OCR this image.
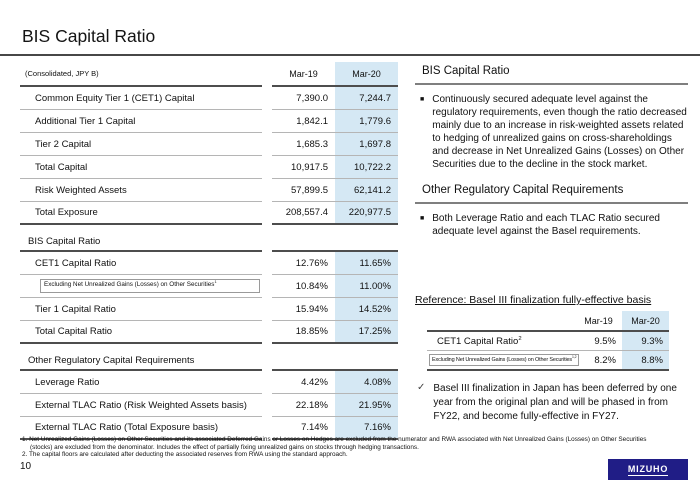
BIS Capital Ratio
(Consolidated, JPY B)	Mar-19	Mar-20
Common Equity Tier 1 (CET1) Capital	7,390.0	7,244.7
Additional Tier 1 Capital	1,842.1	1,779.6
Tier 2 Capital	1,685.3	1,697.8
Total Capital	10,917.5	10,722.2
Risk Weighted Assets	57,899.5	62,141.2
Total Exposure	208,557.4	220,977.5
BIS Capital Ratio
CET1 Capital Ratio	12.76%	11.65%
Excluding Net Unrealized Gains (Losses) on Other Securities$^1$	10.84%	11.00%
Tier 1 Capital Ratio	15.94%	14.52%
Total Capital Ratio	18.85%	17.25%
Other Regulatory Capital Requirements
Leverage Ratio	4.42%	4.08%
External TLAC Ratio (Risk Weighted Assets basis)	22.18%	21.95%
External TLAC Ratio (Total Exposure basis)	7.14%	7.16%
BIS Capital Ratio
■ Continuously secured adequate level against the regulatory requirements, even though the ratio decreased mainly due to an increase in risk-weighted assets related to hedging of unrealized gains on cross-shareholdings and decrease in Net Unrealized Gains (Losses) on Other Securities due to the decline in the stock market.
Other Regulatory Capital Requirements
■ Both Leverage Ratio and each TLAC Ratio secured adequate level against the Basel requirements.
Reference: Basel III finalization fully-effective basis
Mar-19	Mar-20
CET1 Capital Ratio$^2$	9.5%	9.3%
Excluding Net Unrealized Gains (Losses) on Other Securities$^{1,2}$	8.2%	8.8%
✓ Basel III finalization in Japan has been deferred by one year from the original plan and will be phased in from FY22, and become fully-effective in FY27.
1. Net Unrealized Gains (Losses) on Other Securities and its associated Deferred Gains or Losses on Hedges are excluded from the numerator and RWA associated with Net Unrealized Gains (Losses) on Other Securities (stocks) are excluded from the denominator. Includes the effect of partially fixing unrealized gains on stocks through hedging transactions.
2. The capital floors are calculated after deducting the associated reserves from RWA using the standard approach.
10	MIZUHO
